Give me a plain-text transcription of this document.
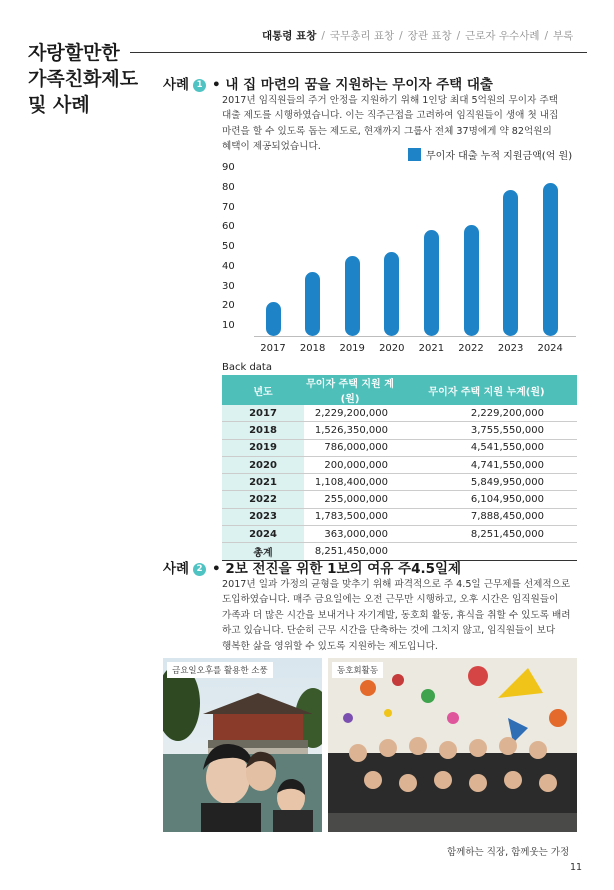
대통령 표창 / 국무총리 표창 / 장관 표창 / 근로자 우수사례 / 부록
자랑할만한
가족친화제도
및 사례
사례 1 • 내 집 마련의 꿈을 지원하는 무이자 주택 대출
2017년 임직원들의 주거 안정을 지원하기 위해 1인당 최대 5억원의 무이자 주택
대출 제도를 시행하였습니다. 이는 직주근접을 고려하여 임직원들이 생애 첫 내집
마련을 할 수 있도록 돕는 제도로, 현재까지 그룹사 전체 37명에게 약 82억원의
혜택이 제공되었습니다.
무이자 대출 누적 지원금액(억 원)
90
80
70
60
50
40
30
20
10
2017	2018	2019	2020	2021	2022	2023	2024
Back data
년도	무이자 주택 지원 계(원)	무이자 주택 지원 누계(원)
2017	2,229,200,000	2,229,200,000
2018	1,526,350,000	3,755,550,000
2019	786,000,000	4,541,550,000
2020	200,000,000	4,741,550,000
2021	1,108,400,000	5,849,950,000
2022	255,000,000	6,104,950,000
2023	1,783,500,000	7,888,450,000
2024	363,000,000	8,251,450,000
총계	8,251,450,000	
사례 2 • 2보 전진을 위한 1보의 여유 주4.5일제
2017년 일과 가정의 균형을 맞추기 위해 파격적으로 주 4.5일 근무제를 선제적으로
도입하였습니다. 매주 금요일에는 오전 근무만 시행하고, 오후 시간은 임직원들이
가족과 더 많은 시간을 보내거나 자기계발, 동호회 활동, 휴식을 취할 수 있도록 배려
하고 있습니다. 단순히 근무 시간을 단축하는 것에 그치지 않고, 임직원들이 보다
행복한 삶을 영위할 수 있도록 지원하는 제도입니다.
금요일오후를 활용한 소풍	동호회활동
함께하는 직장, 함께웃는 가정
11
